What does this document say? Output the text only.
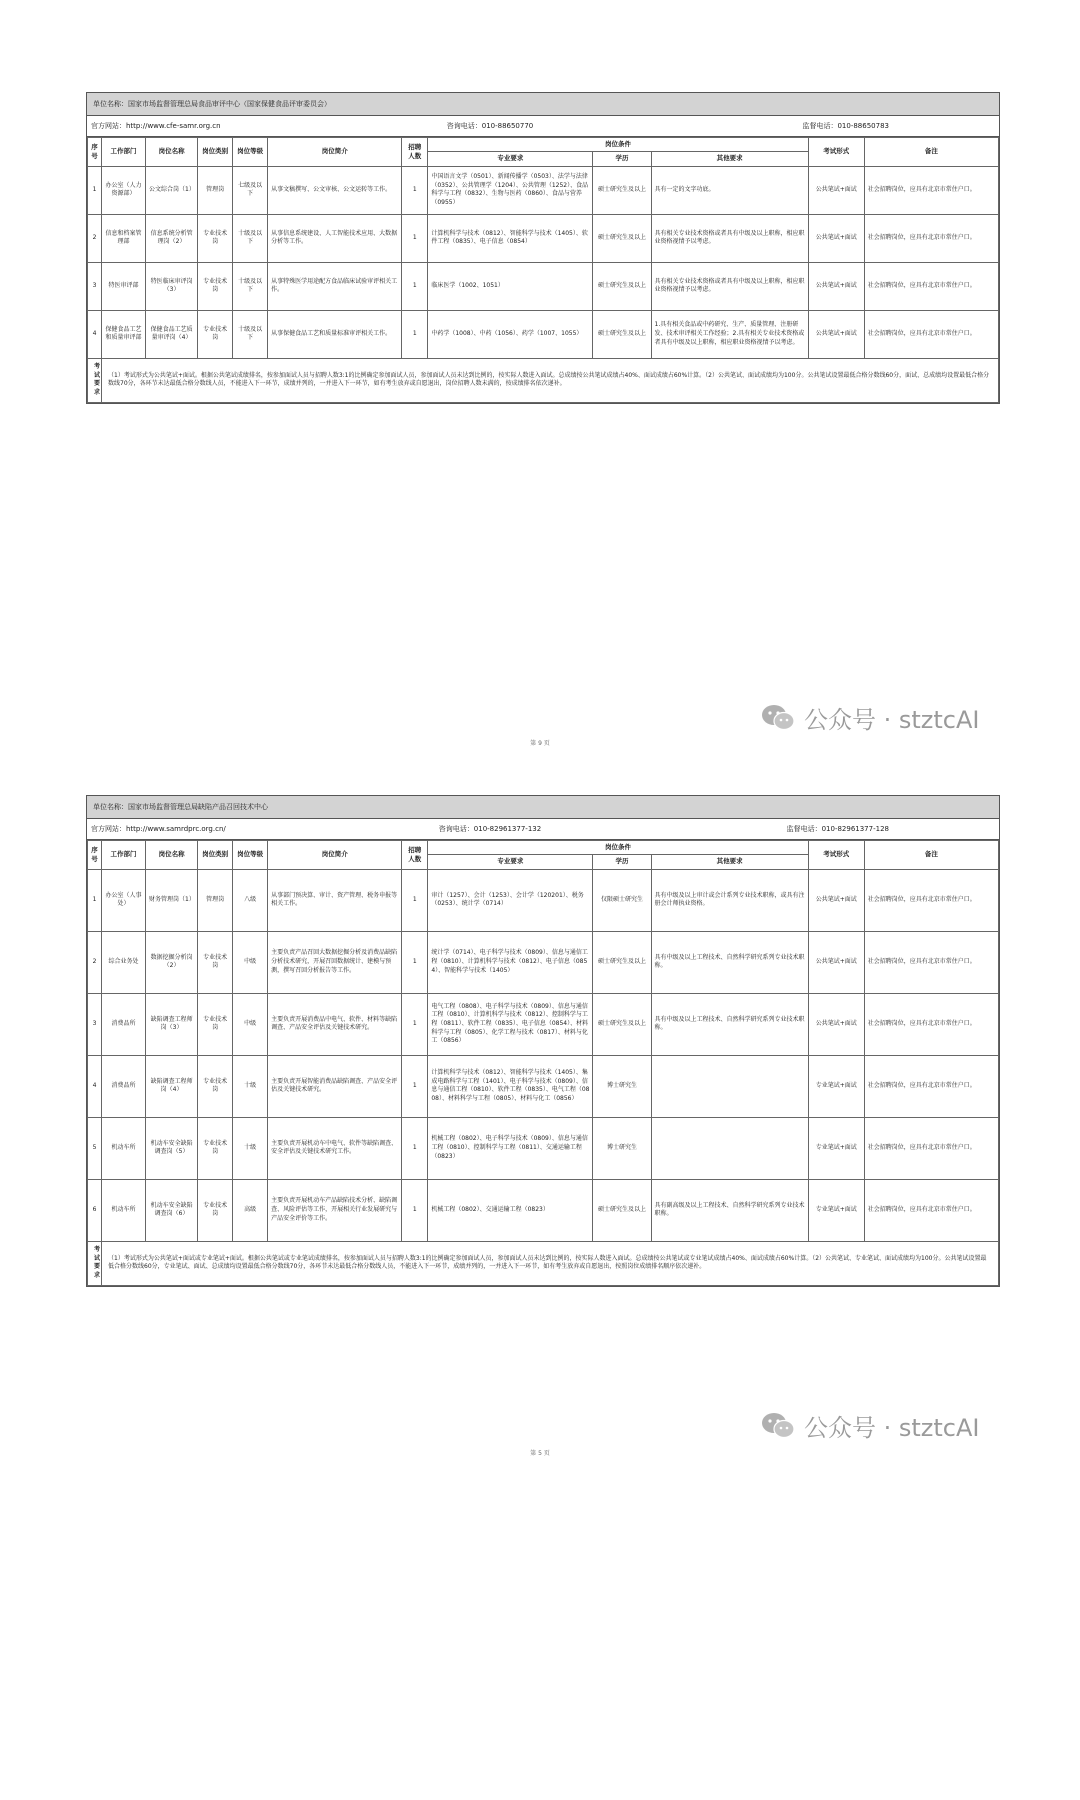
单位名称：国家市场监督管理总局食品审评中心（国家保健食品评审委员会）
官方网站：http://www.cfe-samr.org.cn	咨询电话：010-88650770	监督电话：010-88650783
序号	工作部门	岗位名称	岗位类别	岗位等级	岗位简介	招聘人数	岗位条件			考试形式	备注
							专业要求	学历	其他要求		
1	办公室（人力资源部）	公文综合岗（1）	管理岗	七级及以下	从事文稿撰写、公文审核、公文运转等工作。	1	中国语言文学（0501）、新闻传播学（0503）、法学与法律（0352）、公共管理学（1204）、公共管理（1252）、食品科学与工程（0832）、生物与医药（0860）、食品与营养（0955）	硕士研究生及以上	具有一定的文字功底。	公共笔试+面试	社会招聘岗位，应具有北京市常住户口。
2	信息和档案管理部	信息系统分析管理岗（2）	专业技术岗	十级及以下	从事信息系统建设、人工智能技术应用、大数据分析等工作。	1	计算机科学与技术（0812）、智能科学与技术（1405）、软件工程（0835）、电子信息（0854）	硕士研究生及以上	具有相关专业技术资格或者具有中级及以上职称，相应职业资格视情予以考虑。	公共笔试+面试	社会招聘岗位，应具有北京市常住户口。
3	特医审评部	特医临床审评岗（3）	专业技术岗	十级及以下	从事特殊医学用途配方食品临床试验审评相关工作。	1	临床医学（1002、1051）	硕士研究生及以上	具有相关专业技术资格或者具有中级及以上职称，相应职业资格视情予以考虑。	公共笔试+面试	社会招聘岗位，应具有北京市常住户口。
4	保健食品工艺和质量审评部	保健食品工艺质量审评岗（4）	专业技术岗	十级及以下	从事保健食品工艺和质量标准审评相关工作。	1	中药学（1008）、中药（1056）、药学（1007、1055）	硕士研究生及以上	1.具有相关食品或中药研究、生产、质量管理、注册研发、技术审评相关工作经验；2.具有相关专业技术资格或者具有中级及以上职称，相应职业资格视情予以考虑。	公共笔试+面试	社会招聘岗位，应具有北京市常住户口。
考试要求	（1）考试形式为公共笔试+面试。根据公共笔试成绩排名，按参加面试人员与招聘人数3:1的比例确定参加面试人员，参加面试人员未达到比例的，按实际人数进入面试。总成绩按公共笔试成绩占40%、面试成绩占60%计算。（2）公共笔试、面试成绩均为100分。公共笔试设置最低合格分数线60分，面试、总成绩均设置最低合格分数线70分，各环节未达最低合格分数线人员，不能进入下一环节，成绩并列的，一并进入下一环节，如有考生放弃或自愿退出，岗位招聘人数未满的，按成绩排名依次递补。										
第 9 页
公众号 · stztcAI
单位名称：国家市场监督管理总局缺陷产品召回技术中心
官方网站：http://www.samrdprc.org.cn/	咨询电话：010-82961377-132	监督电话：010-82961377-128
序号	工作部门	岗位名称	岗位类别	岗位等级	岗位简介	招聘人数	岗位条件			考试形式	备注
							专业要求	学历	其他要求		
1	办公室（人事处）	财务管理岗（1）	管理岗	八级	从事部门预决算、审计、资产管理、税务申报等相关工作。	1	审计（1257）、会计（1253）、会计学（120201）、税务（0253）、统计学（0714）	仅限硕士研究生	具有中级及以上审计或会计系列专业技术职称，或具有注册会计师执业资格。	公共笔试+面试	社会招聘岗位，应具有北京市常住户口。
2	综合业务处	数据挖掘分析岗（2）	专业技术岗	中级	主要负责产品召回大数据挖掘分析及消费品缺陷分析技术研究，开展召回数据统计、建模与预测，撰写召回分析报告等工作。	1	统计学（0714）、电子科学与技术（0809）、信息与通信工程（0810）、计算机科学与技术（0812）、电子信息（0854）、智能科学与技术（1405）	硕士研究生及以上	具有中级及以上工程技术、自然科学研究系列专业技术职称。	公共笔试+面试	社会招聘岗位，应具有北京市常住户口。
3	消费品所	缺陷调查工程师岗（3）	专业技术岗	中级	主要负责开展消费品中电气、软件、材料等缺陷调查、产品安全评估及关键技术研究。	1	电气工程（0808）、电子科学与技术（0809）、信息与通信工程（0810）、计算机科学与技术（0812）、控制科学与工程（0811）、软件工程（0835）、电子信息（0854）、材料科学与工程（0805）、化学工程与技术（0817）、材料与化工（0856）	硕士研究生及以上	具有中级及以上工程技术、自然科学研究系列专业技术职称。	公共笔试+面试	社会招聘岗位，应具有北京市常住户口。
4	消费品所	缺陷调查工程师岗（4）	专业技术岗	十级	主要负责开展智能消费品缺陷调查、产品安全评估及关键技术研究。	1	计算机科学与技术（0812）、智能科学与技术（1405）、集成电路科学与工程（1401）、电子科学与技术（0809）、信息与通信工程（0810）、软件工程（0835）、电气工程（0808）、材料科学与工程（0805）、材料与化工（0856）	博士研究生		专业笔试+面试	社会招聘岗位，应具有北京市常住户口。
5	机动车所	机动车安全缺陷调查岗（5）	专业技术岗	十级	主要负责开展机动车中电气、软件等缺陷调查、安全评估及关键技术研究工作。	1	机械工程（0802）、电子科学与技术（0809）、信息与通信工程（0810）、控制科学与工程（0811）、交通运输工程（0823）	博士研究生		专业笔试+面试	社会招聘岗位，应具有北京市常住户口。
6	机动车所	机动车安全缺陷调查岗（6）	专业技术岗	高级	主要负责开展机动车产品缺陷技术分析、缺陷调查、风险评估等工作，开展相关行业发展研究与产品安全评价等工作。	1	机械工程（0802）、交通运输工程（0823）	硕士研究生及以上	具有副高级及以上工程技术、自然科学研究系列专业技术职称。	专业笔试+面试	社会招聘岗位，应具有北京市常住户口。
考试要求	（1）考试形式为公共笔试+面试或专业笔试+面试。根据公共笔试或专业笔试成绩排名，按参加面试人员与招聘人数3:1的比例确定参加面试人员，参加面试人员未达到比例的，按实际人数进入面试。总成绩按公共笔试或专业笔试成绩占40%、面试成绩占60%计算。（2）公共笔试、专业笔试、面试成绩均为100分。公共笔试设置最低合格分数线60分，专业笔试、面试、总成绩均设置最低合格分数线70分，各环节未达最低合格分数线人员，不能进入下一环节，成绩并列的，一并进入下一环节，如有考生放弃或自愿退出，按照岗位成绩排名顺序依次递补。										
第 5 页
公众号 · stztcAI
